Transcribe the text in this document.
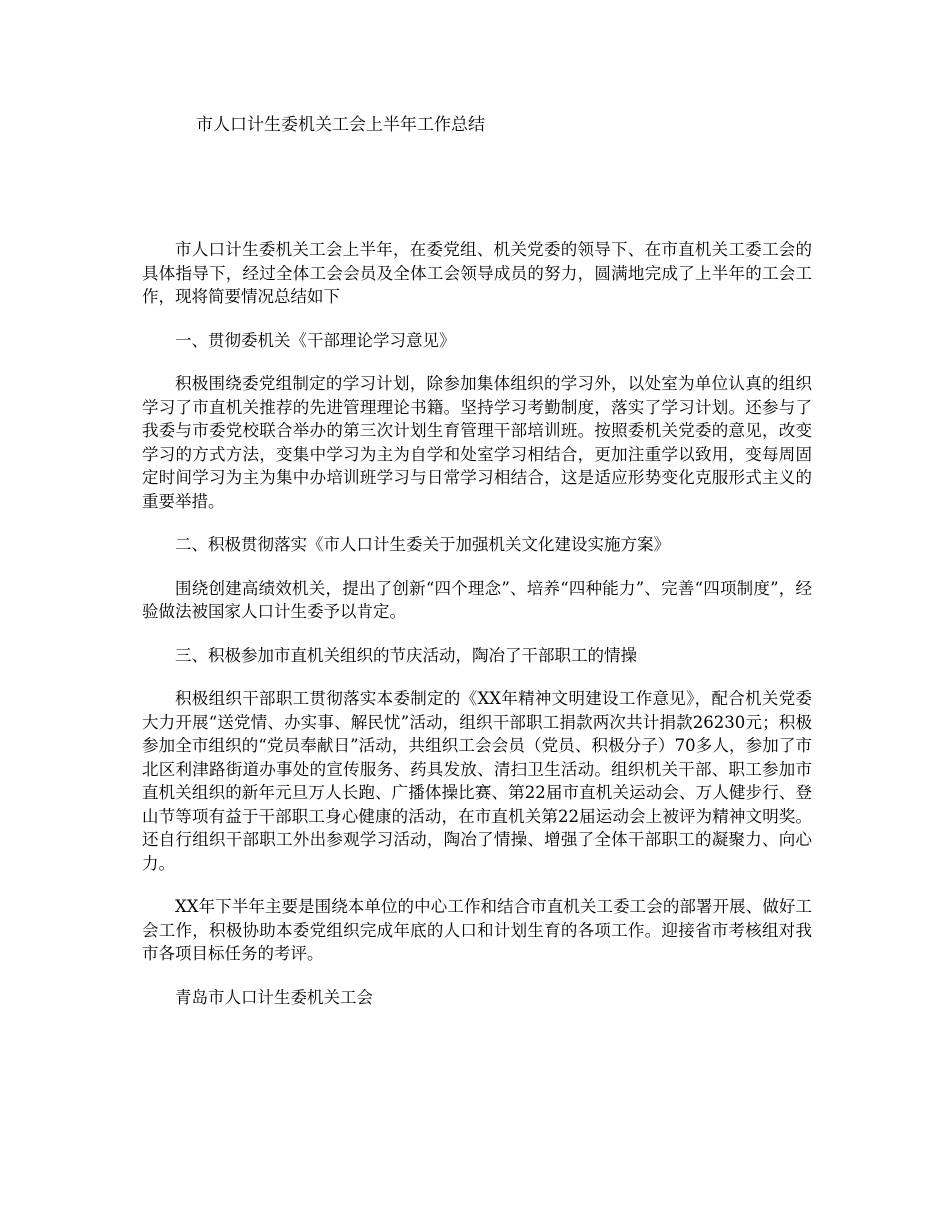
市人口计生委机关工会上半年工作总结

市人口计生委机关工会上半年，在委党组、机关党委的领导下、在市直机关工委工会的具体指导下，经过全体工会会员及全体工会领导成员的努力，圆满地完成了上半年的工会工作，现将简要情况总结如下

一、贯彻委机关《干部理论学习意见》

积极围绕委党组制定的学习计划，除参加集体组织的学习外，以处室为单位认真的组织学习了市直机关推荐的先进管理理论书籍。坚持学习考勤制度，落实了学习计划。还参与了我委与市委党校联合举办的第三次计划生育管理干部培训班。按照委机关党委的意见，改变学习的方式方法，变集中学习为主为自学和处室学习相结合，更加注重学以致用，变每周固定时间学习为主为集中办培训班学习与日常学习相结合，这是适应形势变化克服形式主义的重要举措。

二、积极贯彻落实《市人口计生委关于加强机关文化建设实施方案》

围绕创建高绩效机关，提出了创新“四个理念”、培养“四种能力”、完善“四项制度”，经验做法被国家人口计生委予以肯定。

三、积极参加市直机关组织的节庆活动，陶冶了干部职工的情操

积极组织干部职工贯彻落实本委制定的《XX年精神文明建设工作意见》，配合机关党委大力开展“送党情、办实事、解民忧”活动，组织干部职工捐款两次共计捐款26230元；积极参加全市组织的“党员奉献日”活动，共组织工会会员（党员、积极分子）70多人，参加了市北区利津路街道办事处的宣传服务、药具发放、清扫卫生活动。组织机关干部、职工参加市直机关组织的新年元旦万人长跑、广播体操比赛、第22届市直机关运动会、万人健步行、登山节等项有益于干部职工身心健康的活动，在市直机关第22届运动会上被评为精神文明奖。还自行组织干部职工外出参观学习活动，陶冶了情操、增强了全体干部职工的凝聚力、向心力。

XX年下半年主要是围绕本单位的中心工作和结合市直机关工委工会的部署开展、做好工会工作，积极协助本委党组织完成年底的人口和计划生育的各项工作。迎接省市考核组对我市各项目标任务的考评。

青岛市人口计生委机关工会
